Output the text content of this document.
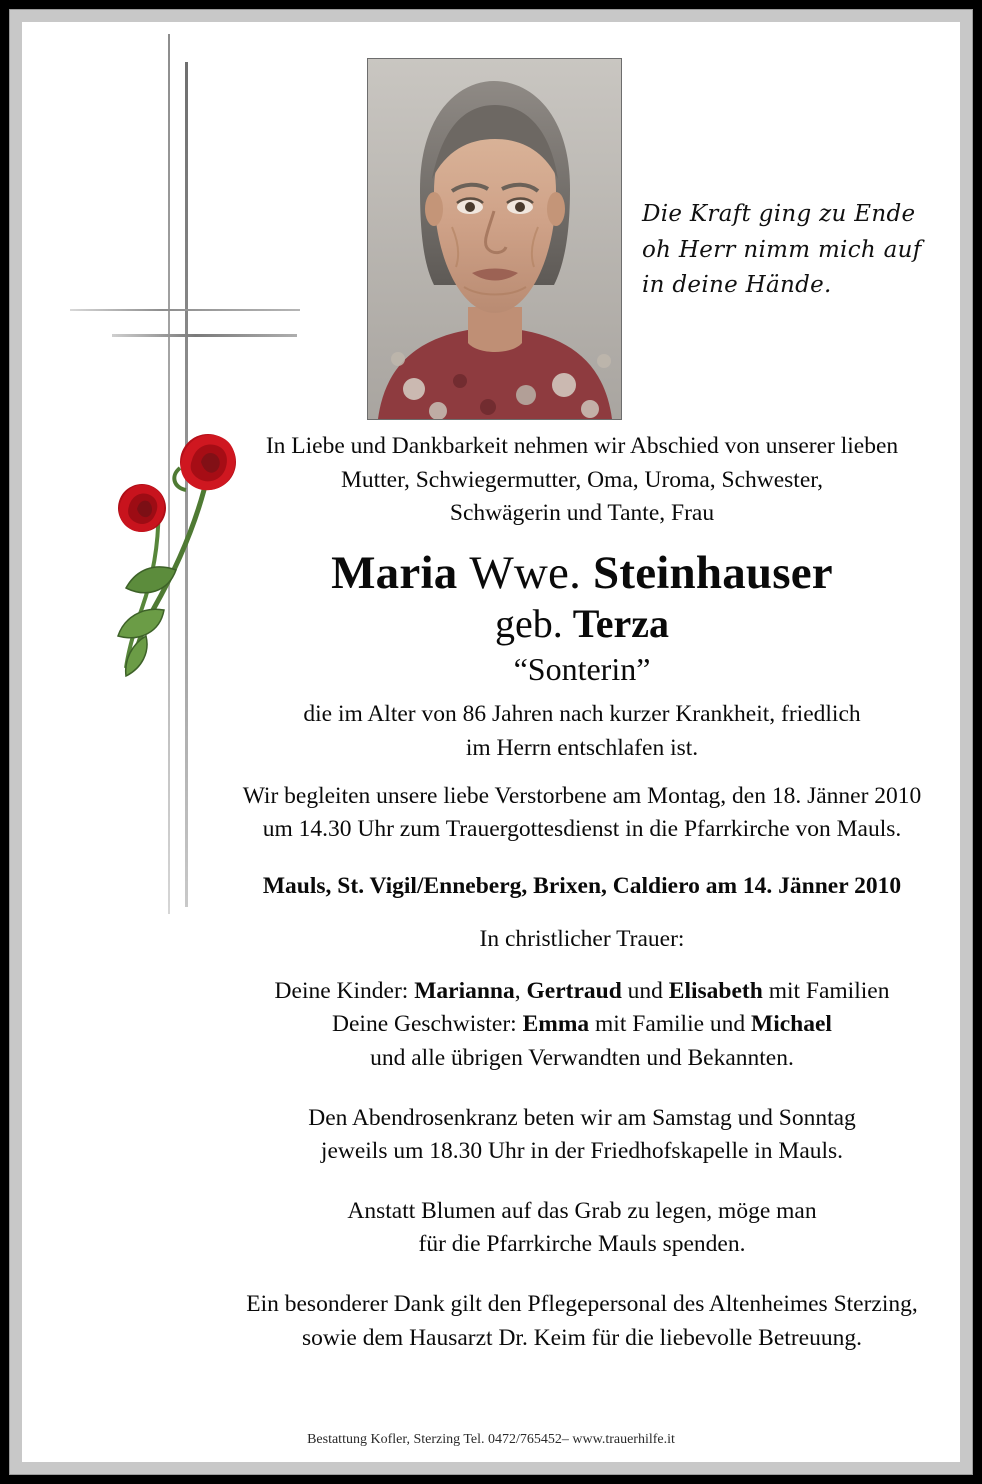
Die Kraft ging zu Ende
oh Herr nimm mich auf
in deine Hände.
In Liebe und Dankbarkeit nehmen wir Abschied von unserer lieben
Mutter, Schwiegermutter, Oma, Uroma, Schwester,
Schwägerin und Tante, Frau
Maria Wwe. Steinhauser
geb. Terza
“Sonterin”
die im Alter von 86 Jahren nach kurzer Krankheit, friedlich
im Herrn entschlafen ist.
Wir begleiten unsere liebe Verstorbene am Montag, den 18. Jänner 2010
um 14.30 Uhr zum Trauergottesdienst in die Pfarrkirche von Mauls.
Mauls, St. Vigil/Enneberg, Brixen, Caldiero am 14. Jänner 2010
In christlicher Trauer:
Deine Kinder: Marianna, Gertraud und Elisabeth mit Familien
Deine Geschwister: Emma mit Familie und Michael
und alle übrigen Verwandten und Bekannten.
Den Abendrosenkranz beten wir am Samstag und Sonntag
jeweils um 18.30 Uhr in der Friedhofskapelle in Mauls.
Anstatt Blumen auf das Grab zu legen, möge man
für die Pfarrkirche Mauls spenden.
Ein besonderer Dank gilt den Pflegepersonal des Altenheimes Sterzing,
sowie dem Hausarzt Dr. Keim für die liebevolle Betreuung.
Bestattung Kofler, Sterzing Tel. 0472/765452– www.trauerhilfe.it
